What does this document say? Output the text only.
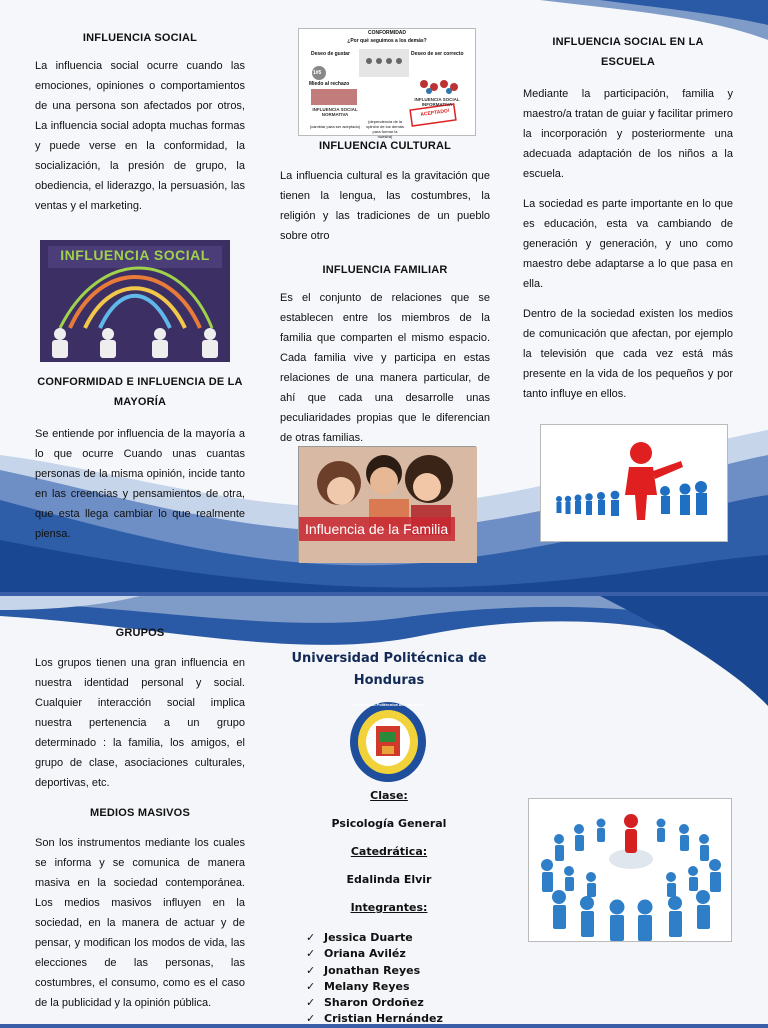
INFLUENCIA SOCIAL

La influencia social ocurre cuando las emociones, opiniones o comportamientos de una persona son afectados por otros, La influencia social adopta muchas formas y puede verse en la conformidad, la socialización, la presión de grupo, la obediencia, el liderazgo, la persuasión, las ventas y el marketing.

INFLUENCIA SOCIAL
CONFORMIDAD E INFLUENCIA DE LA MAYORÍA

Se entiende por influencia de la mayoría a lo que ocurre Cuando unas cuantas personas de la misma opinión, incide tanto en las creencias y pensamientos de otra, que esta llega cambiar lo que realmente piensa.

CONFORMIDAD
¿Por qué seguimos a los demás?
Deseo de gustar	Deseo de ser correcto
1#5
Miedo al rechazo
INFLUENCIA SOCIAL NORMATIVA
(cambiar para ser aceptado)
INFLUENCIA SOCIAL INFORMATIVA
(dependencia de la opinión de los demás para formar la nuestra)
ACEPTADO!
INFLUENCIA CULTURAL

La influencia cultural es la gravitación que tienen la lengua, las costumbres, la religión y las tradiciones de un pueblo sobre otro

INFLUENCIA FAMILIAR

Es el conjunto de relaciones que se establecen entre los miembros de la familia que comparten el mismo espacio. Cada familia vive y participa en estas relaciones de una manera particular, de ahí que cada una desarrolle unas peculiaridades propias que le diferencian de otras familias.

Influencia de la Familia
INFLUENCIA SOCIAL EN LA ESCUELA

Mediante la participación, familia y maestro/a tratan de guiar y facilitar primero la incorporación y posteriormente una adecuada adaptación de los niños a la escuela.

La sociedad es parte importante en lo que es educación, esta va cambiando de generación y generación, y uno como maestro debe adaptarse a lo que pasa en ella.

Dentro de la sociedad existen los medios de comunicación que afectan, por ejemplo la televisión que cada vez está más presente en la vida de los pequeños y por tanto influye en ellos.

GRUPOS

Los grupos tienen una gran influencia en nuestra identidad personal y social. Cualquier interacción social implica nuestra pertenencia a un grupo determinado : la familia, los amigos, el grupo de clase, asociaciones culturales, deportivas, etc.

MEDIOS MASIVOS

Son los instrumentos mediante los cuales se informa y se comunica de manera masiva en la sociedad contemporánea. Los medios masivos influyen en la sociedad, en la manera de actuar y de pensar, y modifican los modos de vida, las elecciones de las personas, las costumbres, el consumo, como es el caso de la publicidad y la opinión pública.

Universidad Politécnica de Honduras
Universidad Politécnica de Honduras
Clase:
Psicología General
Catedrática:
Edalinda Elvir
Integrantes:
✓ Jessica Duarte
✓ Oriana Aviléz
✓ Jonathan Reyes
✓ Melany Reyes
✓ Sharon Ordoñez
✓ Cristian Hernández
